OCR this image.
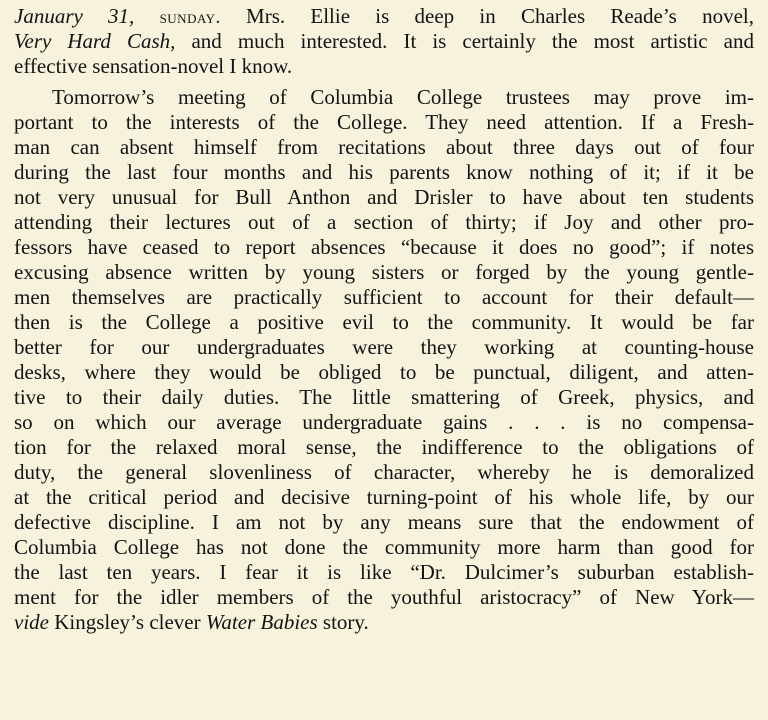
January 31, sunday. Mrs. Ellie is deep in Charles Reade’s novel,
Very Hard Cash, and much interested. It is certainly the most artistic and
effective sensation-novel I know.
Tomorrow’s meeting of Columbia College trustees may prove im-
portant to the interests of the College. They need attention. If a Fresh-
man can absent himself from recitations about three days out of four
during the last four months and his parents know nothing of it; if it be
not very unusual for Bull Anthon and Drisler to have about ten students
attending their lectures out of a section of thirty; if Joy and other pro-
fessors have ceased to report absences “because it does no good”; if notes
excusing absence written by young sisters or forged by the young gentle-
men themselves are practically sufficient to account for their default—
then is the College a positive evil to the community. It would be far
better for our undergraduates were they working at counting-house
desks, where they would be obliged to be punctual, diligent, and atten-
tive to their daily duties. The little smattering of Greek, physics, and
so on which our average undergraduate gains . . . is no compensa-
tion for the relaxed moral sense, the indifference to the obligations of
duty, the general slovenliness of character, whereby he is demoralized
at the critical period and decisive turning-point of his whole life, by our
defective discipline. I am not by any means sure that the endowment of
Columbia College has not done the community more harm than good for
the last ten years. I fear it is like “Dr. Dulcimer’s suburban establish-
ment for the idler members of the youthful aristocracy” of New York—
vide Kingsley’s clever Water Babies story.
